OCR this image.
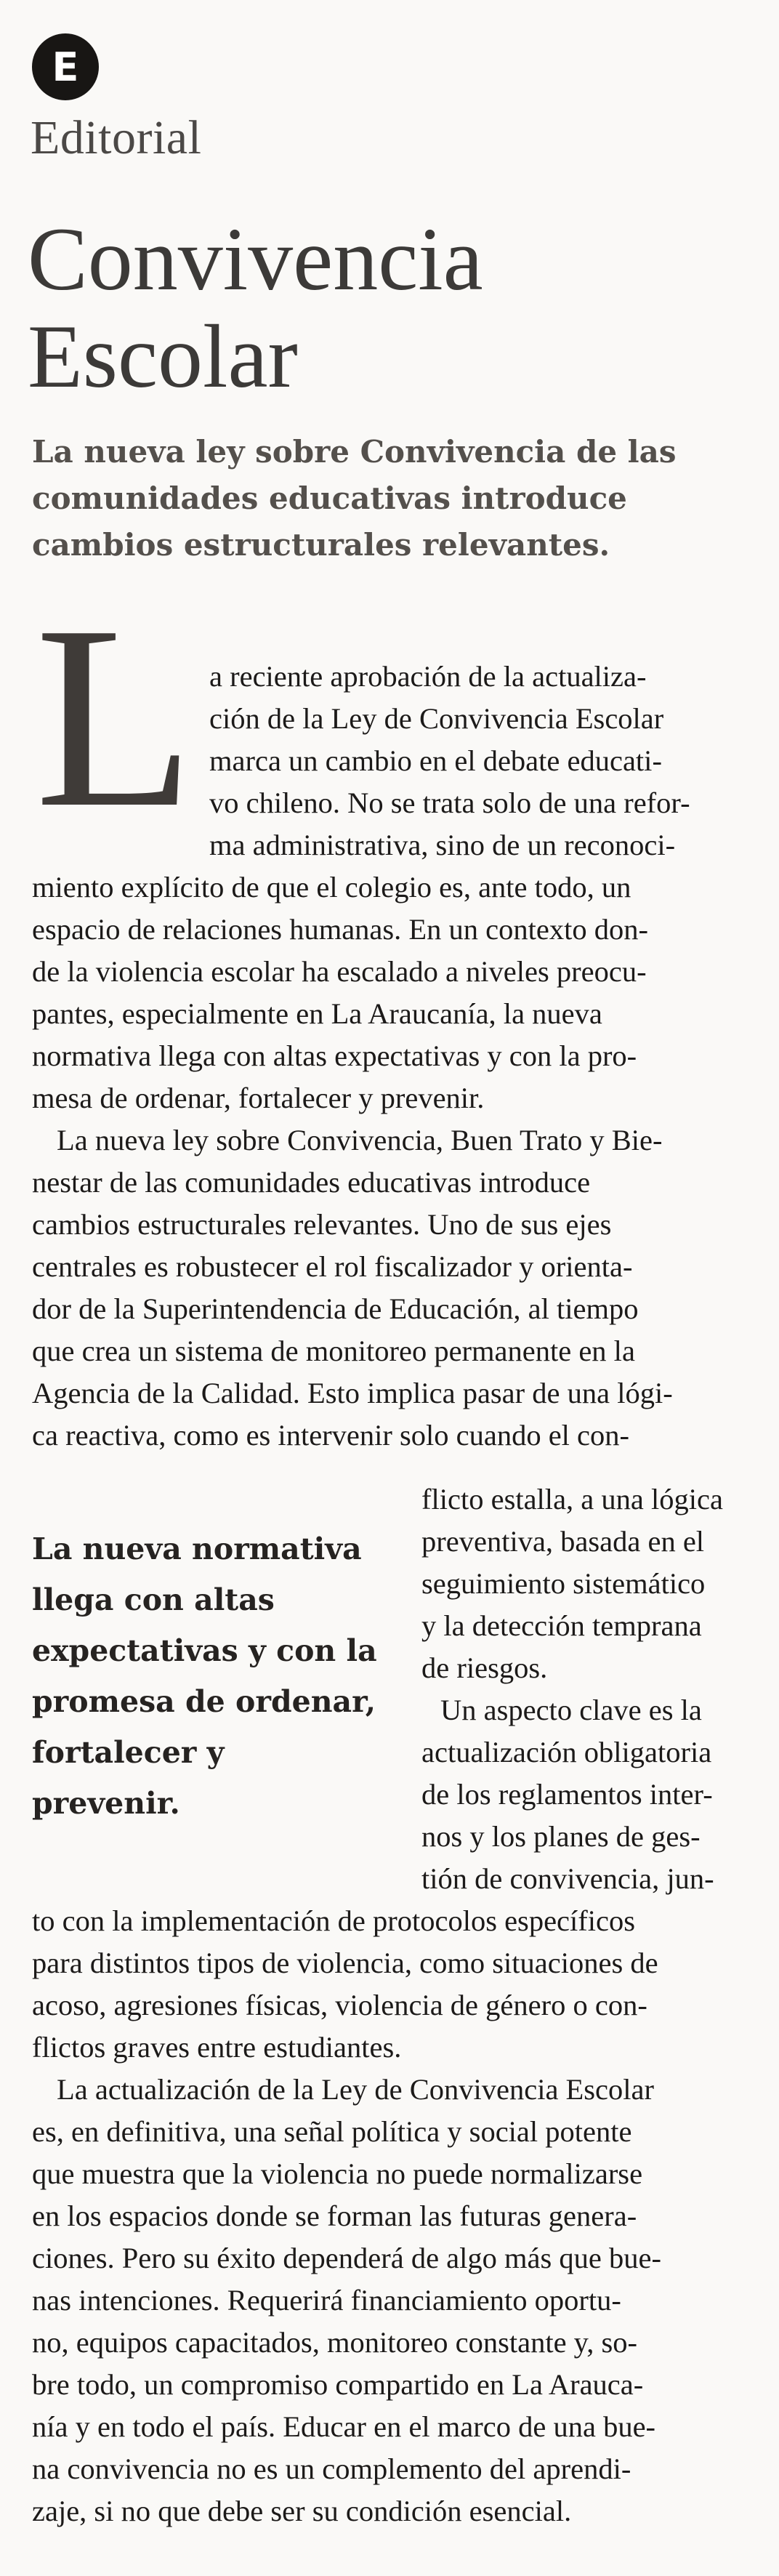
E
Editorial
Convivencia
Escolar
La nueva ley sobre Convivencia de las
comunidades educativas introduce
cambios estructurales relevantes.
L
La nueva normativa
llega con altas
expectativas y con la
promesa de ordenar,
fortalecer y
prevenir.
a reciente aprobación de la actualiza-
ción de la Ley de Convivencia Escolar
marca un cambio en el debate educati-
vo chileno. No se trata solo de una refor-
ma administrativa, sino de un reconoci-
miento explícito de que el colegio es, ante todo, un
espacio de relaciones humanas. En un contexto don-
de la violencia escolar ha escalado a niveles preocu-
pantes, especialmente en La Araucanía, la nueva
normativa llega con altas expectativas y con la pro-
mesa de ordenar, fortalecer y prevenir.
La nueva ley sobre Convivencia, Buen Trato y Bie-
nestar de las comunidades educativas introduce
cambios estructurales relevantes. Uno de sus ejes
centrales es robustecer el rol fiscalizador y orienta-
dor de la Superintendencia de Educación, al tiempo
que crea un sistema de monitoreo permanente en la
Agencia de la Calidad. Esto implica pasar de una lógi-
ca reactiva, como es intervenir solo cuando el con-
flicto estalla, a una lógica
preventiva, basada en el
seguimiento sistemático
y la detección temprana
de riesgos.
Un aspecto clave es la
actualización obligatoria
de los reglamentos inter-
nos y los planes de ges-
tión de convivencia, jun-
to con la implementación de protocolos específicos
para distintos tipos de violencia, como situaciones de
acoso, agresiones físicas, violencia de género o con-
flictos graves entre estudiantes.
La actualización de la Ley de Convivencia Escolar
es, en definitiva, una señal política y social potente
que muestra que la violencia no puede normalizarse
en los espacios donde se forman las futuras genera-
ciones. Pero su éxito dependerá de algo más que bue-
nas intenciones. Requerirá financiamiento oportu-
no, equipos capacitados, monitoreo constante y, so-
bre todo, un compromiso compartido en La Arauca-
nía y en todo el país. Educar en el marco de una bue-
na convivencia no es un complemento del aprendi-
zaje, si no que debe ser su condición esencial.
